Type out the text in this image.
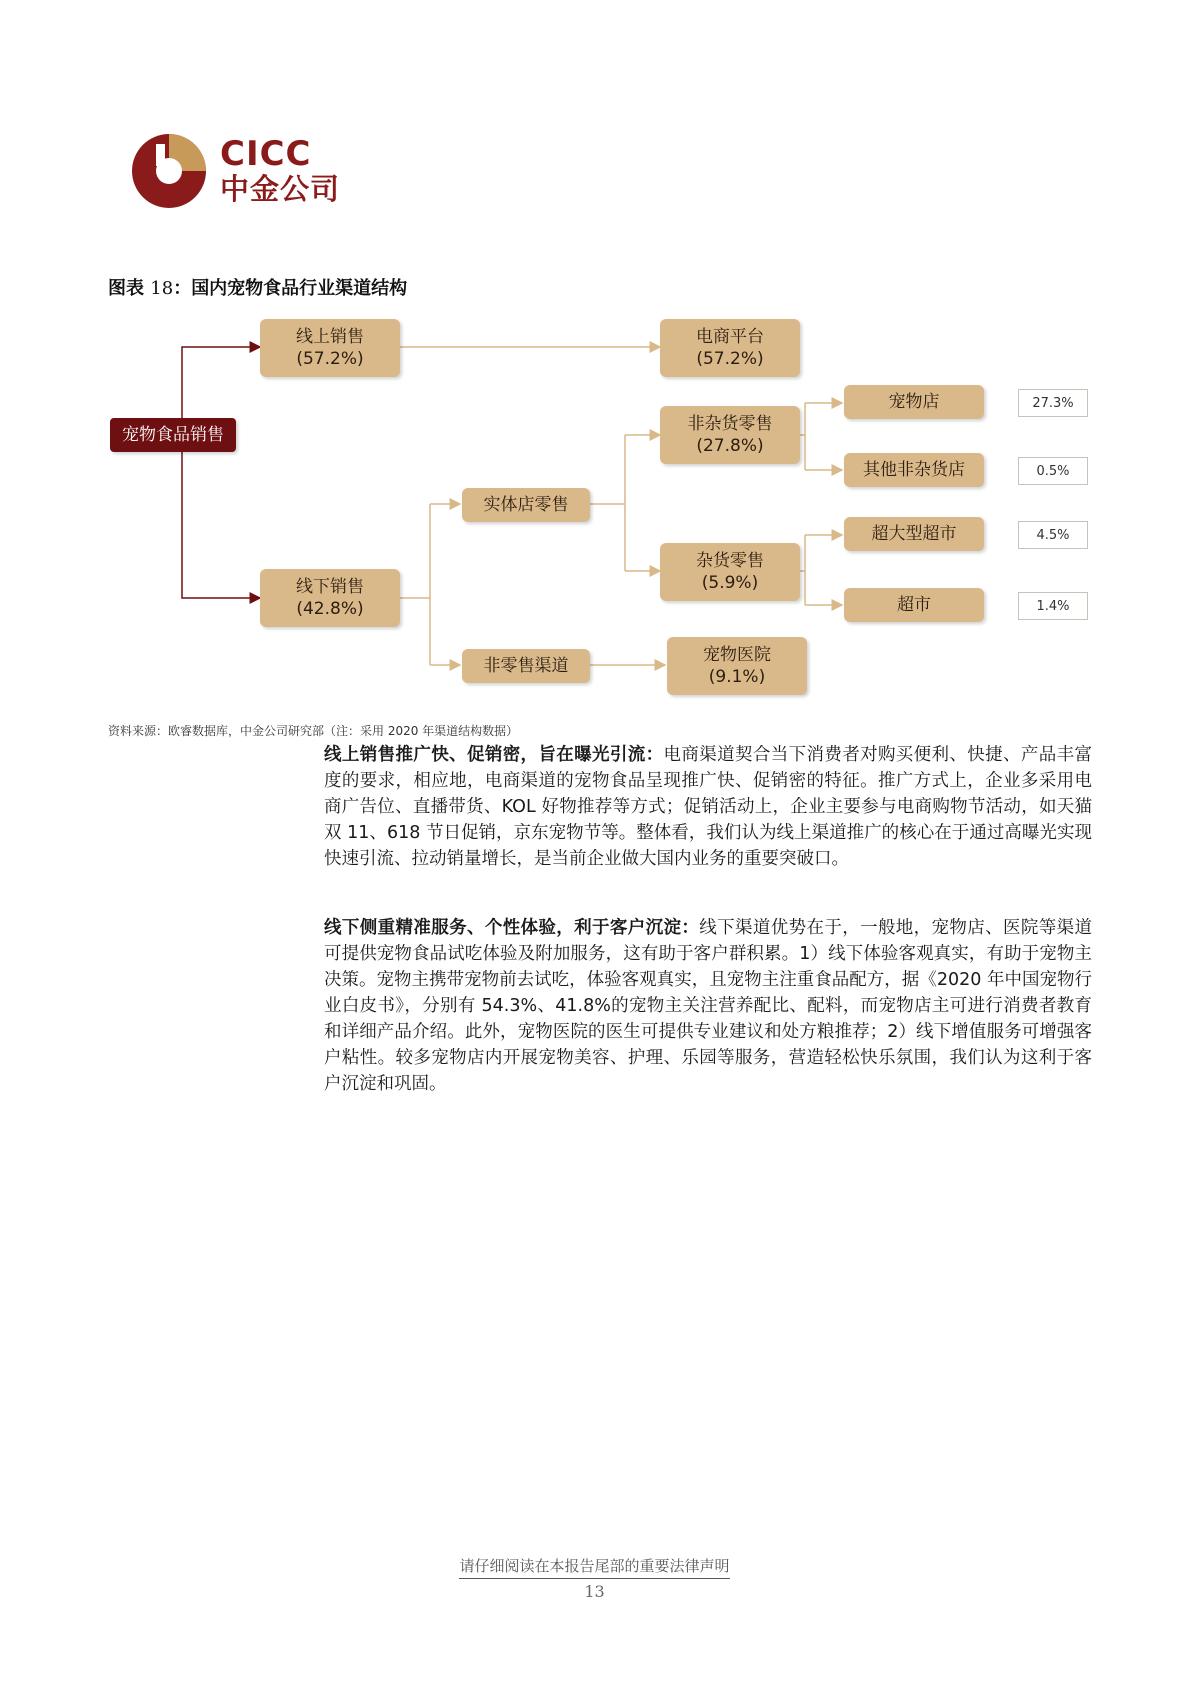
CICC
中金公司
图表 18：国内宠物食品行业渠道结构
宠物食品销售
线上销售
(57.2%)
电商平台
(57.2%)
线下销售
(42.8%)
实体店零售
非零售渠道
非杂货零售
(27.8%)
杂货零售
(5.9%)
宠物医院
(9.1%)
宠物店	27.3%
其他非杂货店	0.5%
超大型超市	4.5%
超市	1.4%
资料来源：欧睿数据库，中金公司研究部（注：采用 2020 年渠道结构数据）
线上销售推广快、促销密，旨在曝光引流：电商渠道契合当下消费者对购买便利、快捷、产品丰富度的要求，相应地，电商渠道的宠物食品呈现推广快、促销密的特征。推广方式上，企业多采用电商广告位、直播带货、KOL 好物推荐等方式；促销活动上，企业主要参与电商购物节活动，如天猫双 11、618 节日促销，京东宠物节等。整体看，我们认为线上渠道推广的核心在于通过高曝光实现快速引流、拉动销量增长，是当前企业做大国内业务的重要突破口。
线下侧重精准服务、个性体验，利于客户沉淀：线下渠道优势在于，一般地，宠物店、医院等渠道可提供宠物食品试吃体验及附加服务，这有助于客户群积累。1）线下体验客观真实，有助于宠物主决策。宠物主携带宠物前去试吃，体验客观真实，且宠物主注重食品配方，据《2020 年中国宠物行业白皮书》，分别有 54.3%、41.8%的宠物主关注营养配比、配料，而宠物店主可进行消费者教育和详细产品介绍。此外，宠物医院的医生可提供专业建议和处方粮推荐；2）线下增值服务可增强客户粘性。较多宠物店内开展宠物美容、护理、乐园等服务，营造轻松快乐氛围，我们认为这利于客户沉淀和巩固。
请仔细阅读在本报告尾部的重要法律声明
13
